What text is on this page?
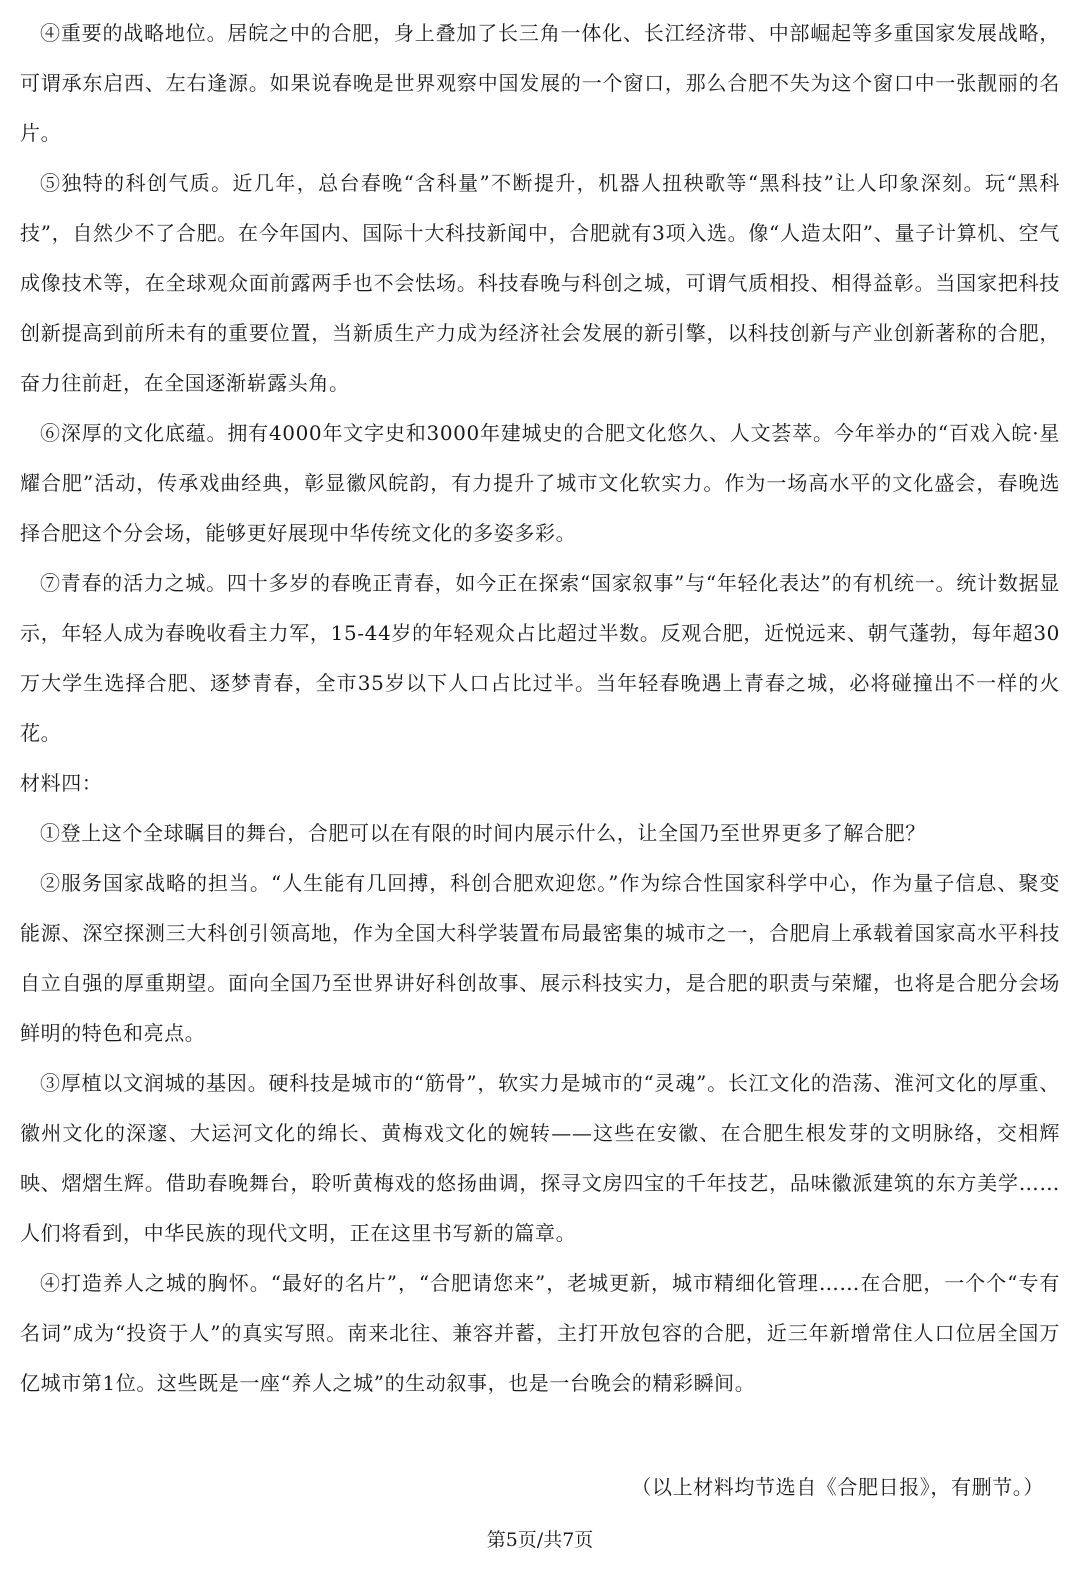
④重要的战略地位。居皖之中的合肥，身上叠加了长三角一体化、长江经济带、中部崛起等多重国家发展战略，可谓承东启西、左右逢源。如果说春晚是世界观察中国发展的一个窗口，那么合肥不失为这个窗口中一张靓丽的名片。

⑤独特的科创气质。近几年，总台春晚“含科量”不断提升，机器人扭秧歌等“黑科技”让人印象深刻。玩“黑科技”，自然少不了合肥。在今年国内、国际十大科技新闻中，合肥就有3项入选。像“人造太阳”、量子计算机、空气成像技术等，在全球观众面前露两手也不会怯场。科技春晚与科创之城，可谓气质相投、相得益彰。当国家把科技创新提高到前所未有的重要位置，当新质生产力成为经济社会发展的新引擎，以科技创新与产业创新著称的合肥，奋力往前赶，在全国逐渐崭露头角。

⑥深厚的文化底蕴。拥有4000年文字史和3000年建城史的合肥文化悠久、人文荟萃。今年举办的“百戏入皖·星耀合肥”活动，传承戏曲经典，彰显徽风皖韵，有力提升了城市文化软实力。作为一场高水平的文化盛会，春晚选择合肥这个分会场，能够更好展现中华传统文化的多姿多彩。

⑦青春的活力之城。四十多岁的春晚正青春，如今正在探索“国家叙事”与“年轻化表达”的有机统一。统计数据显示，年轻人成为春晚收看主力军，15-44岁的年轻观众占比超过半数。反观合肥，近悦远来、朝气蓬勃，每年超30万大学生选择合肥、逐梦青春，全市35岁以下人口占比过半。当年轻春晚遇上青春之城，必将碰撞出不一样的火花。

材料四：

①登上这个全球瞩目的舞台，合肥可以在有限的时间内展示什么，让全国乃至世界更多了解合肥？

②服务国家战略的担当。“人生能有几回搏，科创合肥欢迎您。”作为综合性国家科学中心，作为量子信息、聚变能源、深空探测三大科创引领高地，作为全国大科学装置布局最密集的城市之一，合肥肩上承载着国家高水平科技自立自强的厚重期望。面向全国乃至世界讲好科创故事、展示科技实力，是合肥的职责与荣耀，也将是合肥分会场鲜明的特色和亮点。

③厚植以文润城的基因。硬科技是城市的“筋骨”，软实力是城市的“灵魂”。长江文化的浩荡、淮河文化的厚重、徽州文化的深邃、大运河文化的绵长、黄梅戏文化的婉转——这些在安徽、在合肥生根发芽的文明脉络，交相辉映、熠熠生辉。借助春晚舞台，聆听黄梅戏的悠扬曲调，探寻文房四宝的千年技艺，品味徽派建筑的东方美学……人们将看到，中华民族的现代文明，正在这里书写新的篇章。

④打造养人之城的胸怀。“最好的名片”，“合肥请您来”，老城更新，城市精细化管理……在合肥，一个个“专有名词”成为“投资于人”的真实写照。南来北往、兼容并蓄，主打开放包容的合肥，近三年新增常住人口位居全国万亿城市第1位。这些既是一座“养人之城”的生动叙事，也是一台晚会的精彩瞬间。

（以上材料均节选自《合肥日报》，有删节。）
第5页/共7页
